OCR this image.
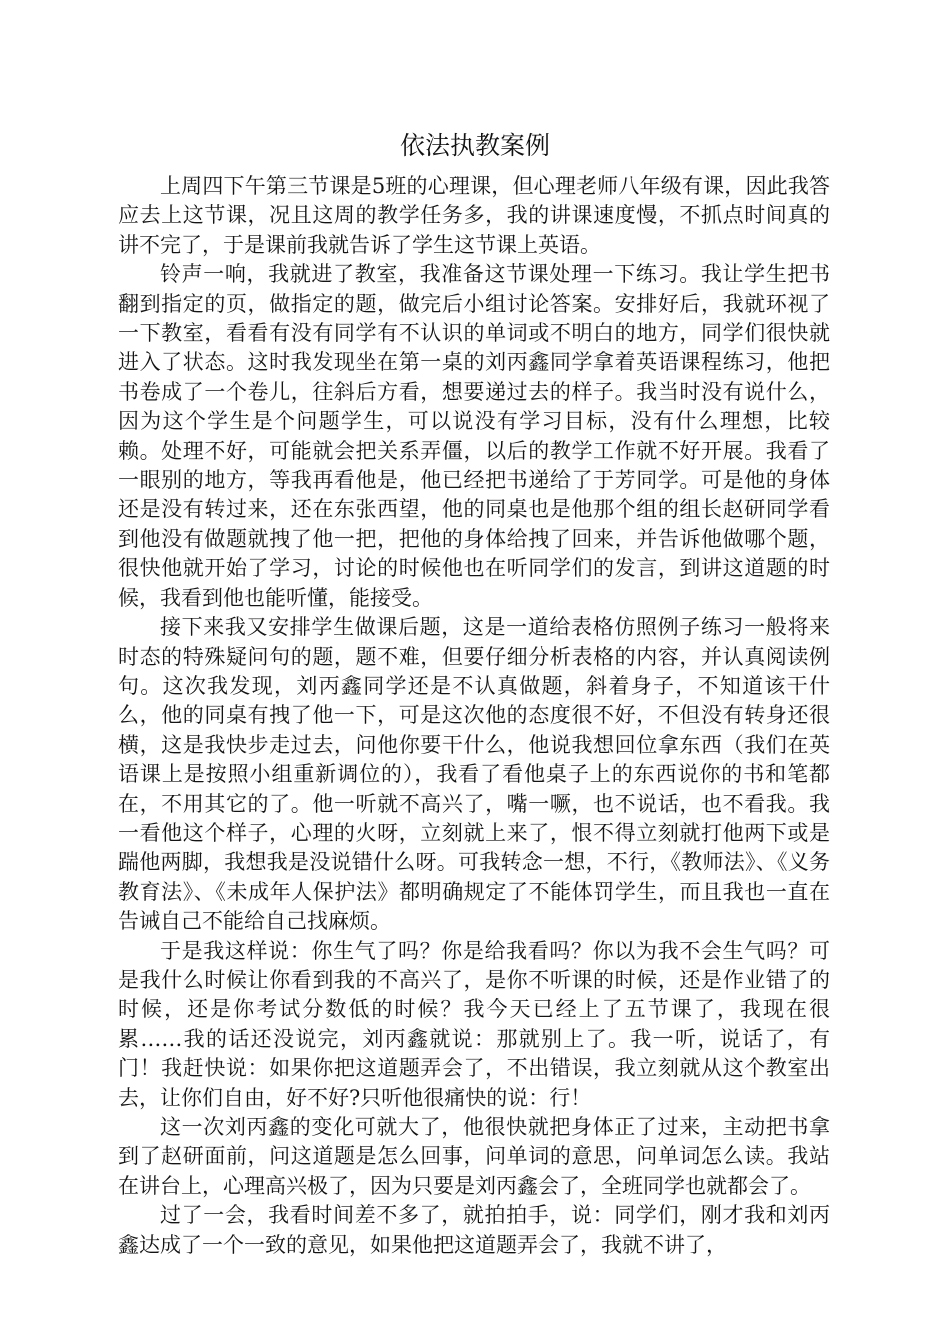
依法执教案例

上周四下午第三节课是5班的心理课，但心理老师八年级有课，因此我答应去上这节课，况且这周的教学任务多，我的讲课速度慢，不抓点时间真的讲不完了，于是课前我就告诉了学生这节课上英语。

铃声一响，我就进了教室，我准备这节课处理一下练习。我让学生把书翻到指定的页，做指定的题，做完后小组讨论答案。安排好后，我就环视了一下教室，看看有没有同学有不认识的单词或不明白的地方，同学们很快就进入了状态。这时我发现坐在第一桌的刘丙鑫同学拿着英语课程练习，他把书卷成了一个卷儿，往斜后方看，想要递过去的样子。我当时没有说什么，因为这个学生是个问题学生，可以说没有学习目标，没有什么理想，比较赖。处理不好，可能就会把关系弄僵，以后的教学工作就不好开展。我看了一眼别的地方，等我再看他是，他已经把书递给了于芳同学。可是他的身体还是没有转过来，还在东张西望，他的同桌也是他那个组的组长赵研同学看到他没有做题就拽了他一把，把他的身体给拽了回来，并告诉他做哪个题，很快他就开始了学习，讨论的时候他也在听同学们的发言，到讲这道题的时候，我看到他也能听懂，能接受。

接下来我又安排学生做课后题，这是一道给表格仿照例子练习一般将来时态的特殊疑问句的题，题不难，但要仔细分析表格的内容，并认真阅读例句。这次我发现，刘丙鑫同学还是不认真做题，斜着身子，不知道该干什么，他的同桌有拽了他一下，可是这次他的态度很不好，不但没有转身还很横，这是我快步走过去，问他你要干什么，他说我想回位拿东西（我们在英语课上是按照小组重新调位的），我看了看他桌子上的东西说你的书和笔都在，不用其它的了。他一听就不高兴了，嘴一噘，也不说话，也不看我。我一看他这个样子，心理的火呀，立刻就上来了，恨不得立刻就打他两下或是踹他两脚，我想我是没说错什么呀。可我转念一想，不行，《教师法》、《义务教育法》、《未成年人保护法》都明确规定了不能体罚学生，而且我也一直在告诫自己不能给自己找麻烦。

于是我这样说：你生气了吗？你是给我看吗？你以为我不会生气吗？可是我什么时候让你看到我的不高兴了，是你不听课的时候，还是作业错了的时候，还是你考试分数低的时候？我今天已经上了五节课了，我现在很累……我的话还没说完，刘丙鑫就说：那就别上了。我一听，说话了，有门！我赶快说：如果你把这道题弄会了，不出错误，我立刻就从这个教室出去，让你们自由，好不好?只听他很痛快的说：行！

这一次刘丙鑫的变化可就大了，他很快就把身体正了过来，主动把书拿到了赵研面前，问这道题是怎么回事，问单词的意思，问单词怎么读。我站在讲台上，心理高兴极了，因为只要是刘丙鑫会了，全班同学也就都会了。

过了一会，我看时间差不多了，就拍拍手，说：同学们，刚才我和刘丙鑫达成了一个一致的意见，如果他把这道题弄会了，我就不讲了，
